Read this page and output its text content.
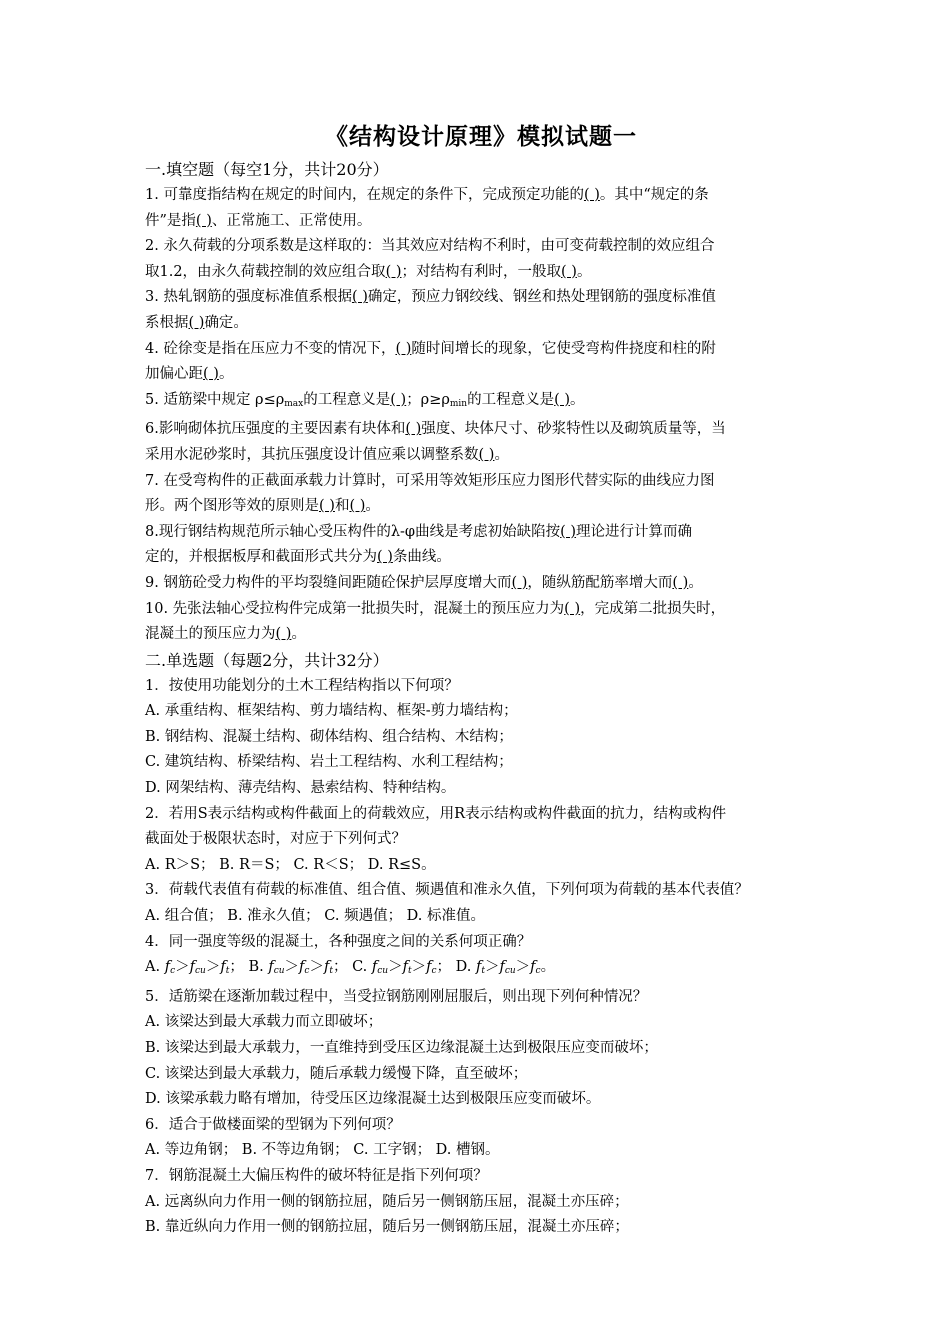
《结构设计原理》模拟试题一

一.填空题（每空1分，共计20分）

1. 可靠度指结构在规定的时间内，在规定的条件下，完成预定功能的( )。其中“规定的条

件”是指( )、正常施工、正常使用。

2. 永久荷载的分项系数是这样取的：当其效应对结构不利时，由可变荷载控制的效应组合

取1.2，由永久荷载控制的效应组合取( )；对结构有利时，一般取( )。

3. 热轧钢筋的强度标准值系根据( )确定，预应力钢绞线、钢丝和热处理钢筋的强度标准值

系根据( )确定。

4. 砼徐变是指在压应力不变的情况下，( )随时间增长的现象，它使受弯构件挠度和柱的附

加偏心距( )。

5. 适筋梁中规定 $\rho\le\rho_{max}$的工程意义是( )；$\rho\ge\rho_{min}$的工程意义是( )。

6.影响砌体抗压强度的主要因素有块体和( )强度、块体尺寸、砂浆特性以及砌筑质量等，当

采用水泥砂浆时，其抗压强度设计值应乘以调整系数( )。

7. 在受弯构件的正截面承载力计算时，可采用等效矩形压应力图形代替实际的曲线应力图

形。两个图形等效的原则是( )和( )。

8.现行钢结构规范所示轴心受压构件的λ-φ曲线是考虑初始缺陷按( )理论进行计算而确

定的，并根据板厚和截面形式共分为( )条曲线。

9. 钢筋砼受力构件的平均裂缝间距随砼保护层厚度增大而( )，随纵筋配筋率增大而( )。

10. 先张法轴心受拉构件完成第一批损失时，混凝土的预压应力为( )，完成第二批损失时，

混凝土的预压应力为( )。

二.单选题（每题2分，共计32分）

1．按使用功能划分的土木工程结构指以下何项？

A. 承重结构、框架结构、剪力墙结构、框架-剪力墙结构；

B. 钢结构、混凝土结构、砌体结构、组合结构、木结构；

C. 建筑结构、桥梁结构、岩土工程结构、水利工程结构；

D. 网架结构、薄壳结构、悬索结构、特种结构。

2．若用S表示结构或构件截面上的荷载效应，用R表示结构或构件截面的抗力，结构或构件

截面处于极限状态时，对应于下列何式？

A. R＞S； B. R＝S； C. R＜S； D. R≤S。

3．荷载代表值有荷载的标准值、组合值、频遇值和准永久值，下列何项为荷载的基本代表值？

A. 组合值； B. 准永久值； C. 频遇值； D. 标准值。

4．同一强度等级的混凝土，各种强度之间的关系何项正确？

A. $f_c>f_{cu}>f_t$； B. $f_{cu}>f_c>f_t$； C. $f_{cu}>f_t>f_c$； D. $f_t>f_{cu}>f_c$。

5．适筋梁在逐渐加载过程中，当受拉钢筋刚刚屈服后，则出现下列何种情况？

A. 该梁达到最大承载力而立即破坏；

B. 该梁达到最大承载力，一直维持到受压区边缘混凝土达到极限压应变而破坏；

C. 该梁达到最大承载力，随后承载力缓慢下降，直至破坏；

D. 该梁承载力略有增加，待受压区边缘混凝土达到极限压应变而破坏。

6．适合于做楼面梁的型钢为下列何项？

A. 等边角钢； B. 不等边角钢； C. 工字钢； D. 槽钢。

7．钢筋混凝土大偏压构件的破坏特征是指下列何项？

A. 远离纵向力作用一侧的钢筋拉屈，随后另一侧钢筋压屈，混凝土亦压碎；

B. 靠近纵向力作用一侧的钢筋拉屈，随后另一侧钢筋压屈，混凝土亦压碎；
